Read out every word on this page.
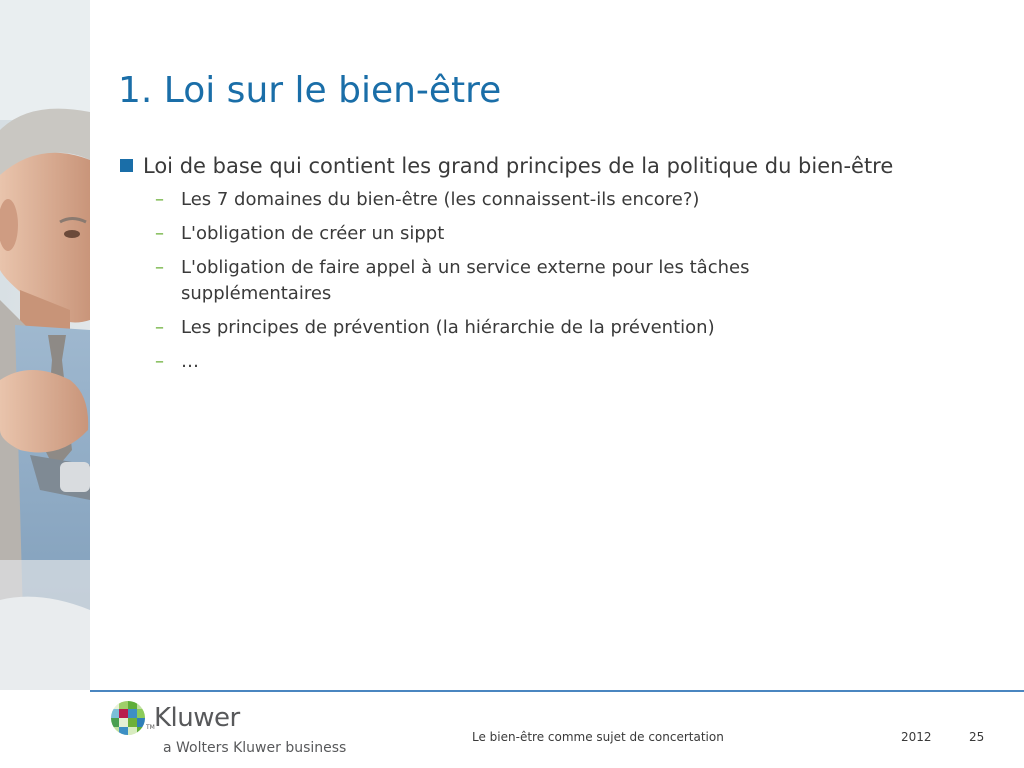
1. Loi sur le bien-être
Loi de base qui contient les grand principes de la politique du bien-être
– Les 7 domaines du bien-être (les connaissent-ils encore?)
– L'obligation de créer un sippt
– L'obligation de faire appel à un service externe pour les tâches supplémentaires
– Les principes de prévention (la hiérarchie de la prévention)
– …
TM Kluwer
a Wolters Kluwer business
Le bien-être comme sujet de concertation	2012	25
